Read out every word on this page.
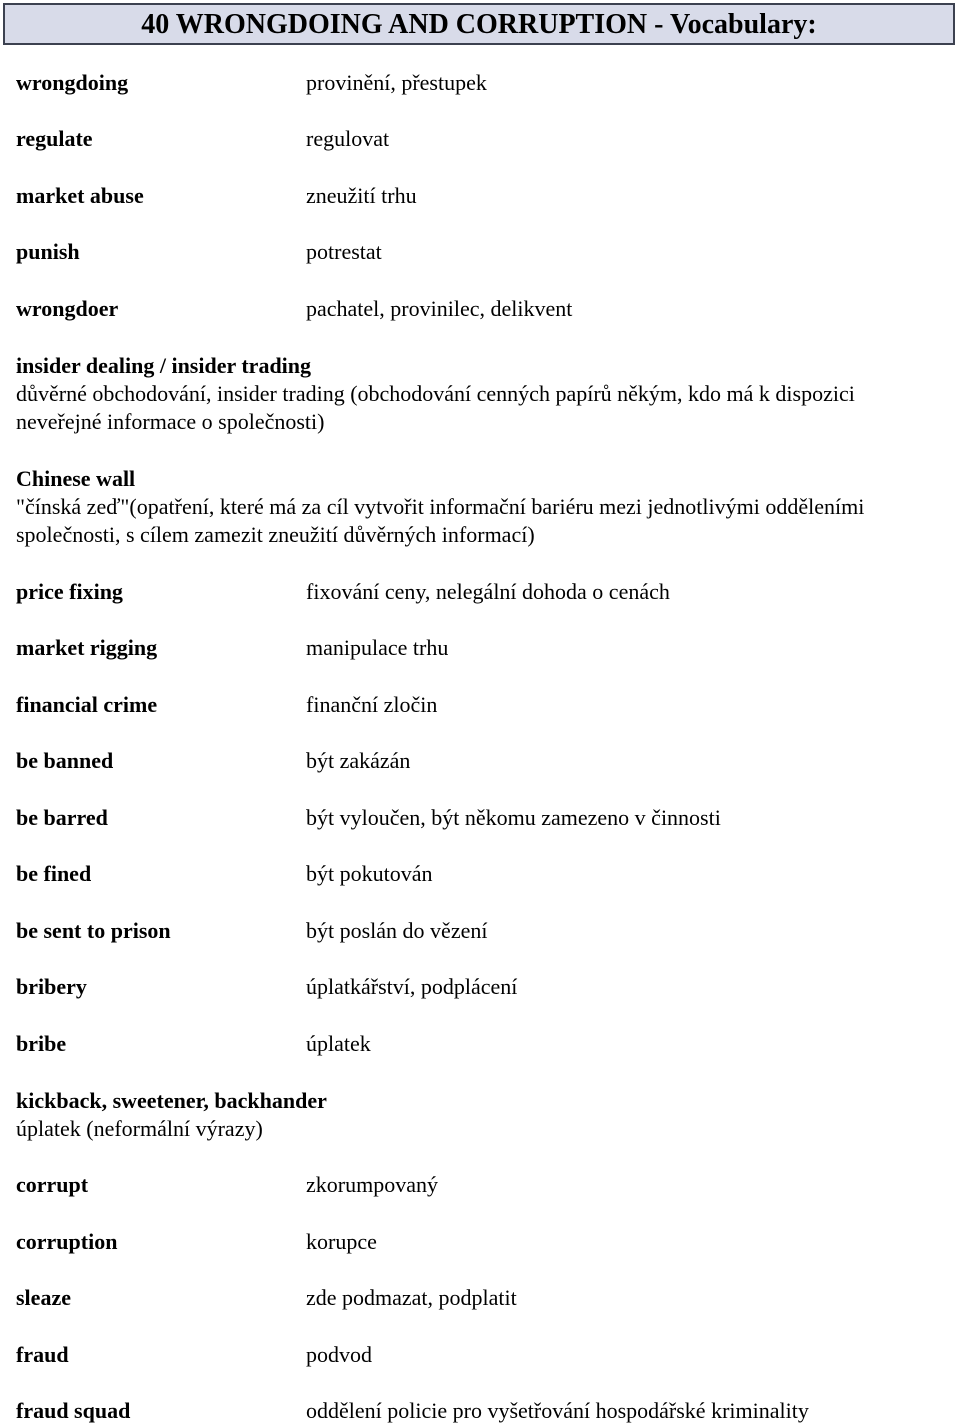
40 WRONGDOING AND CORRUPTION - Vocabulary:
wrongdoing	provinění, přestupek
regulate	regulovat
market abuse	zneužití trhu
punish	potrestat
wrongdoer	pachatel, provinilec, delikvent
insider dealing / insider trading
důvěrné obchodování, insider trading (obchodování cenných papírů někým, kdo má k dispozici neveřejné informace o společnosti)
Chinese wall
"čínská zeď"(opatření, které má za cíl vytvořit informační bariéru mezi jednotlivými odděleními společnosti, s cílem zamezit zneužití důvěrných informací)
price fixing	fixování ceny, nelegální dohoda o cenách
market rigging	manipulace trhu
financial crime	finanční zločin
be banned	být zakázán
be barred	být vyloučen, být někomu zamezeno v činnosti
be fined	být pokutován
be sent to prison	být poslán do vězení
bribery	úplatkářství, podplácení
bribe	úplatek
kickback, sweetener, backhander
úplatek (neformální výrazy)
corrupt	zkorumpovaný
corruption	korupce
sleaze	zde podmazat, podplatit
fraud	podvod
fraud squad	oddělení policie pro vyšetřování hospodářské kriminality
